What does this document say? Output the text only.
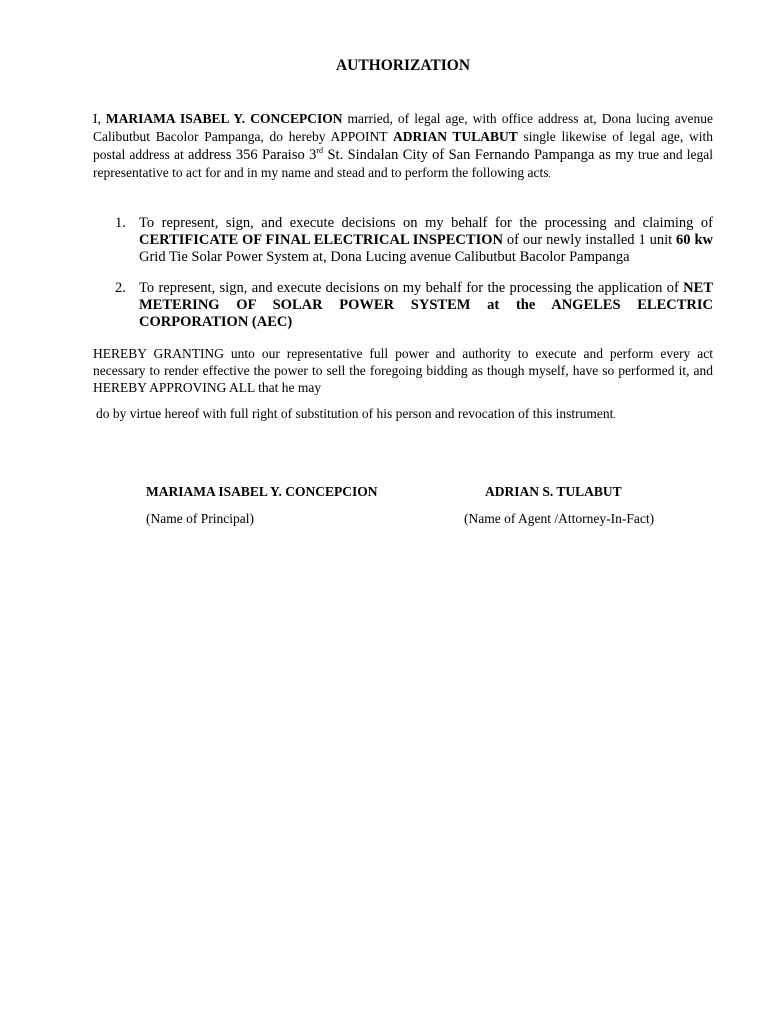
AUTHORIZATION
I, MARIAMA ISABEL Y. CONCEPCION married, of legal age, with office address at, Dona lucing avenue Calibutbut Bacolor Pampanga, do hereby APPOINT ADRIAN TULABUT single likewise of legal age, with postal address at address 356 Paraiso 3rd St. Sindalan City of San Fernando Pampanga as my true and legal representative to act for and in my name and stead and to perform the following acts.
1. To represent, sign, and execute decisions on my behalf for the processing and claiming of CERTIFICATE OF FINAL ELECTRICAL INSPECTION of our newly installed 1 unit 60 kw Grid Tie Solar Power System at, Dona Lucing avenue Calibutbut Bacolor Pampanga
2. To represent, sign, and execute decisions on my behalf for the processing the application of NET METERING OF SOLAR POWER SYSTEM at the ANGELES ELECTRIC CORPORATION (AEC)
HEREBY GRANTING unto our representative full power and authority to execute and perform every act necessary to render effective the power to sell the foregoing bidding as though myself, have so performed it, and HEREBY APPROVING ALL that he may
do by virtue hereof with full right of substitution of his person and revocation of this instrument.
MARIAMA ISABEL Y. CONCEPCION
(Name of Principal)
ADRIAN S. TULABUT
(Name of Agent /Attorney-In-Fact)
